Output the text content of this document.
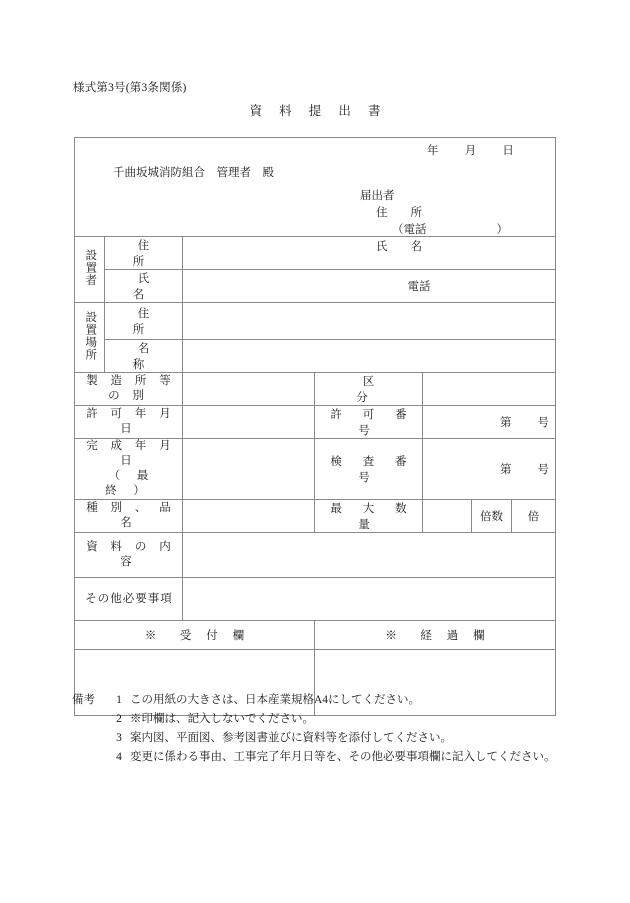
様式第3号(第3条関係)
資 料 提 出 書
年 月 日
千曲坂城消防組合　管理者　殿
届出者
住　　所
（電話	）
氏　　名

設置者	住　　所					
	氏　　名	電話				

設置場所	住　　所					
	名　　称					
製 造 所 等 の 別			区　　　分			
許 可 年 月 日			許 可 番 号	第 号		

完 成 年 月 日
（ 最　　終 ）			検 査 番 号	第 号		

種 別 、 品 名			最 大 数 量		倍数	倍
資 料 の 内 容						
その他必要事項						
※　受 付 欄			※　経 過 欄			

備考	1 この用紙の大きさは、日本産業規格A4にしてください。
2 ※印欄は、記入しないでください。
3 案内図、平面図、参考図書並びに資料等を添付してください。
4 変更に係わる事由、工事完了年月日等を、その他必要事項欄に記入してください。
